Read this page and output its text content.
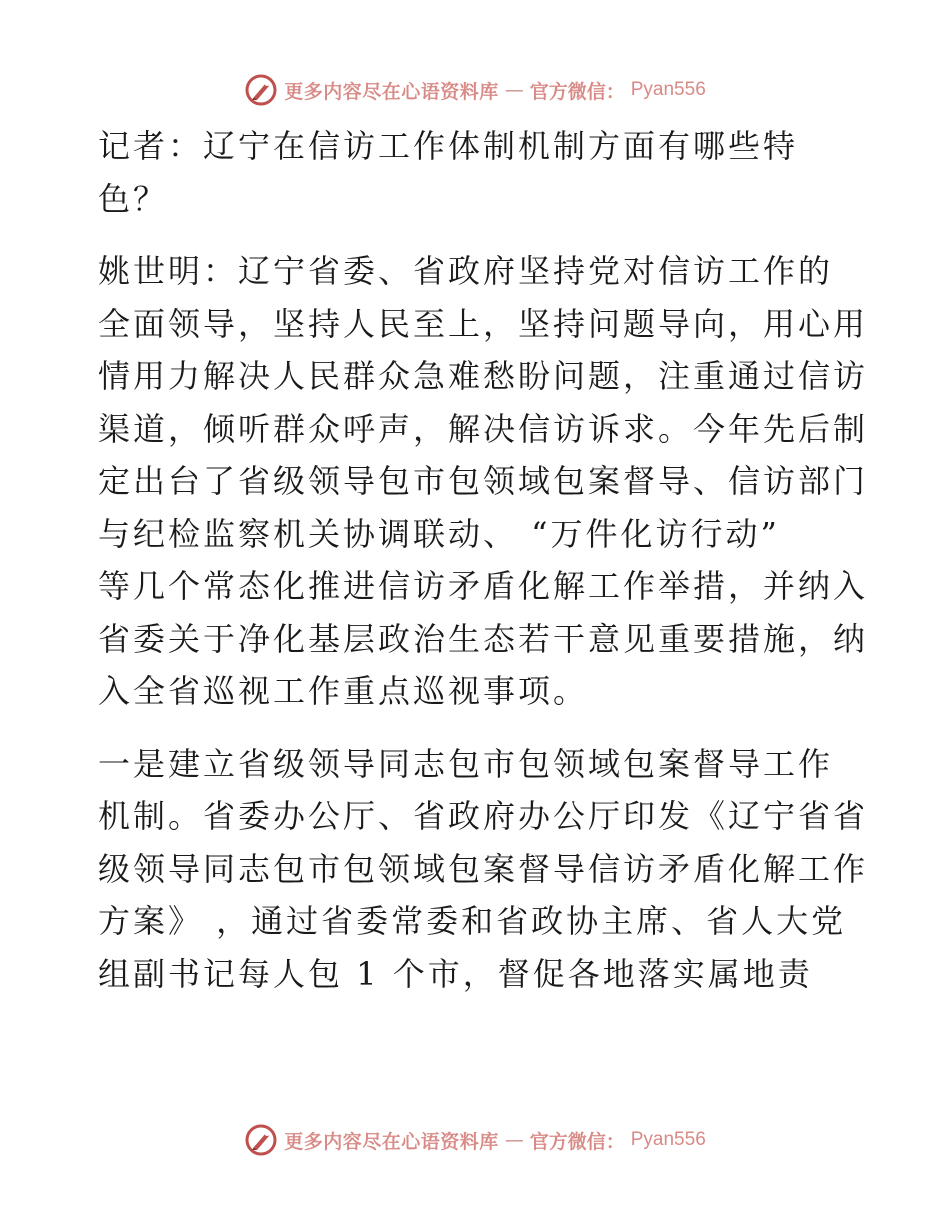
更多内容尽在心语资料库 — 官方微信： Pyan556
记者：辽宁在信访工作体制机制方面有哪些特
色？
姚世明：辽宁省委、省政府坚持党对信访工作的
全面领导，坚持人民至上，坚持问题导向，用心用
情用力解决人民群众急难愁盼问题，注重通过信访
渠道，倾听群众呼声，解决信访诉求。今年先后制
定出台了省级领导包市包领域包案督导、信访部门
与纪检监察机关协调联动、 “万件化访行动”
等几个常态化推进信访矛盾化解工作举措，并纳入
省委关于净化基层政治生态若干意见重要措施，纳
入全省巡视工作重点巡视事项。
一是建立省级领导同志包市包领域包案督导工作
机制。省委办公厅、省政府办公厅印发《辽宁省省
级领导同志包市包领域包案督导信访矛盾化解工作
方案》 ，通过省委常委和省政协主席、省人大党
组副书记每人包 1 个市，督促各地落实属地责
更多内容尽在心语资料库 — 官方微信： Pyan556
